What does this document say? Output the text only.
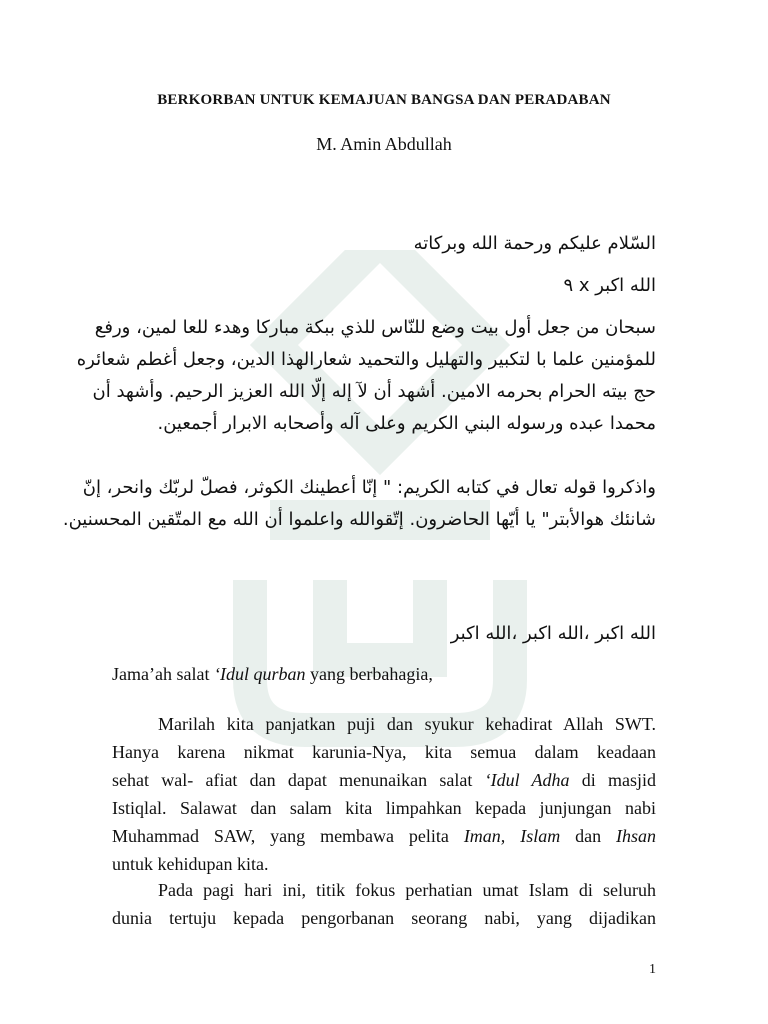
BERKORBAN UNTUK KEMAJUAN BANGSA DAN PERADABAN
M. Amin Abdullah
السّلام عليكم ورحمة الله وبركاته
الله اكبر x ٩
سبحان من جعل أول بيت وضع للنّاس للذي ببكة مباركا وهدء للعا لمين، ورفع
للمؤمنين علما با لتكبير والتهليل والتحميد شعارالهذا الدين، وجعل أغطم شعائره
حج بيته الحرام بحرمه الامين. أشهد أن لآ إله إلّا الله العزيز الرحيم. وأشهد أن
محمدا عبده ورسوله البني الكريم وعلى آله وأصحابه الابرار أجمعين.
واذكروا قوله تعال في كتابه الكريم: " إنّا أعطينك الكوثر، فصلّ لربّك وانحر، إنّ
شانئك هوالأبتر" يا أيّها الحاضرون. إتّقوالله واعلموا أن الله مع المتّقين المحسنين.
الله اكبر ،الله اكبر ،الله اكبر
Jama’ah salat ‘Idul qurban yang berbahagia,
Marilah kita panjatkan puji dan syukur kehadirat Allah SWT.
Hanya karena nikmat karunia-Nya, kita semua dalam keadaan
sehat wal- afiat dan dapat menunaikan salat ‘Idul Adha di masjid
Istiqlal. Salawat dan salam kita limpahkan kepada junjungan nabi
Muhammad SAW, yang membawa pelita Iman, Islam dan Ihsan
untuk kehidupan kita.
Pada pagi hari ini, titik fokus perhatian umat Islam di seluruh
dunia tertuju kepada pengorbanan seorang nabi, yang dijadikan
1
